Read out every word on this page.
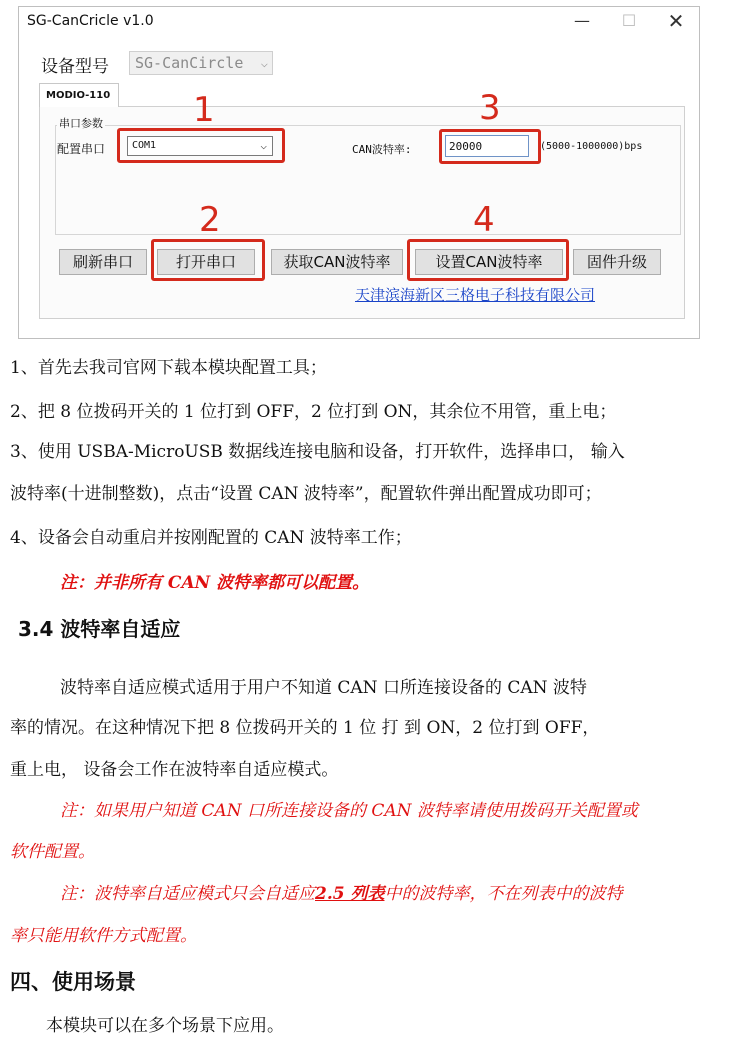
SG-CanCricle v1.0	—	☐	✕
设备型号	SG-CanCircle ⌵
MODIO-110
串口参数
配置串口	COM1	⌵	CAN波特率:	20000	(5000-1000000)bps
刷新串口	打开串口	获取CAN波特率	设置CAN波特率	固件升级
天津滨海新区三格电子科技有限公司
1
2
3
4
1、首先去我司官网下载本模块配置工具；
2、把 8 位拨码开关的 1 位打到 OFF，2 位打到 ON，其余位不用管，重上电；
3、使用 USBA-MicroUSB 数据线连接电脑和设备，打开软件，选择串口， 输入
波特率(十进制整数)，点击“设置 CAN 波特率”，配置软件弹出配置成功即可；
4、设备会自动重启并按刚配置的 CAN 波特率工作；
注：并非所有 CAN 波特率都可以配置。
3.4 波特率自适应
波特率自适应模式适用于用户不知道 CAN 口所连接设备的 CAN 波特
率的情况。在这种情况下把 8 位拨码开关的 1 位 打 到 ON，2 位打到 OFF，
重上电， 设备会工作在波特率自适应模式。
注：如果用户知道 CAN 口所连接设备的 CAN 波特率请使用拨码开关配置或
软件配置。
注：波特率自适应模式只会自适应2.5 列表中的波特率，不在列表中的波特
率只能用软件方式配置。
四、使用场景
本模块可以在多个场景下应用。
